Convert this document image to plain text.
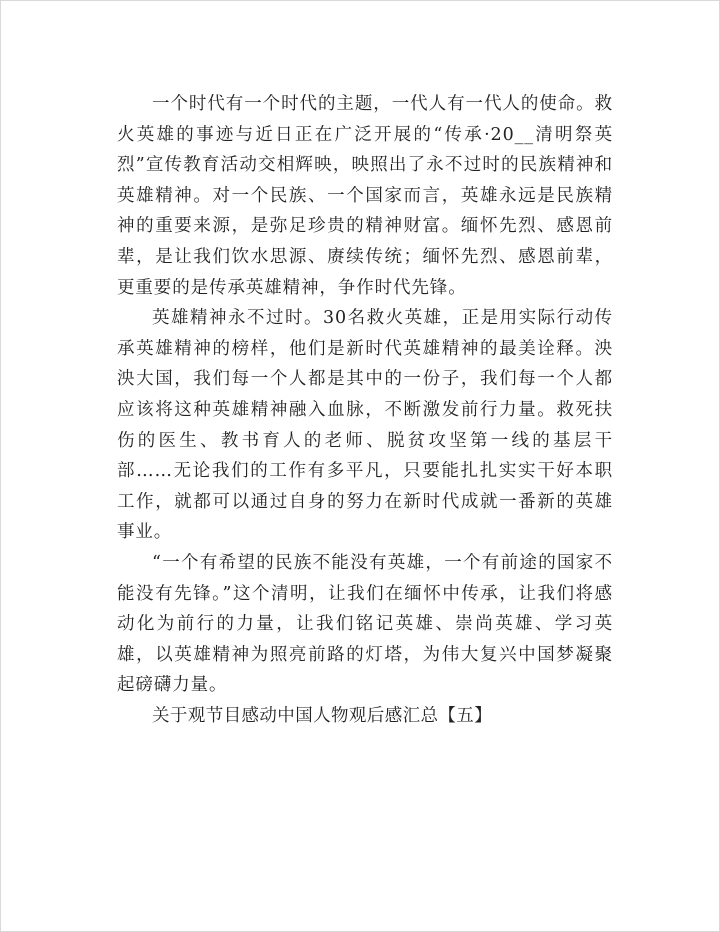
一个时代有一个时代的主题，一代人有一代人的使命。救火英雄的事迹与近日正在广泛开展的“传承·20__清明祭英烈”宣传教育活动交相辉映，映照出了永不过时的民族精神和英雄精神。对一个民族、一个国家而言，英雄永远是民族精神的重要来源，是弥足珍贵的精神财富。缅怀先烈、感恩前辈，是让我们饮水思源、赓续传统；缅怀先烈、感恩前辈，更重要的是传承英雄精神，争作时代先锋。

英雄精神永不过时。30名救火英雄，正是用实际行动传承英雄精神的榜样，他们是新时代英雄精神的最美诠释。泱泱大国，我们每一个人都是其中的一份子，我们每一个人都应该将这种英雄精神融入血脉，不断激发前行力量。救死扶伤的医生、教书育人的老师、脱贫攻坚第一线的基层干部……无论我们的工作有多平凡，只要能扎扎实实干好本职工作，就都可以通过自身的努力在新时代成就一番新的英雄事业。

“一个有希望的民族不能没有英雄，一个有前途的国家不能没有先锋。”这个清明，让我们在缅怀中传承，让我们将感动化为前行的力量，让我们铭记英雄、崇尚英雄、学习英雄，以英雄精神为照亮前路的灯塔，为伟大复兴中国梦凝聚起磅礴力量。

关于观节目感动中国人物观后感汇总【五】
